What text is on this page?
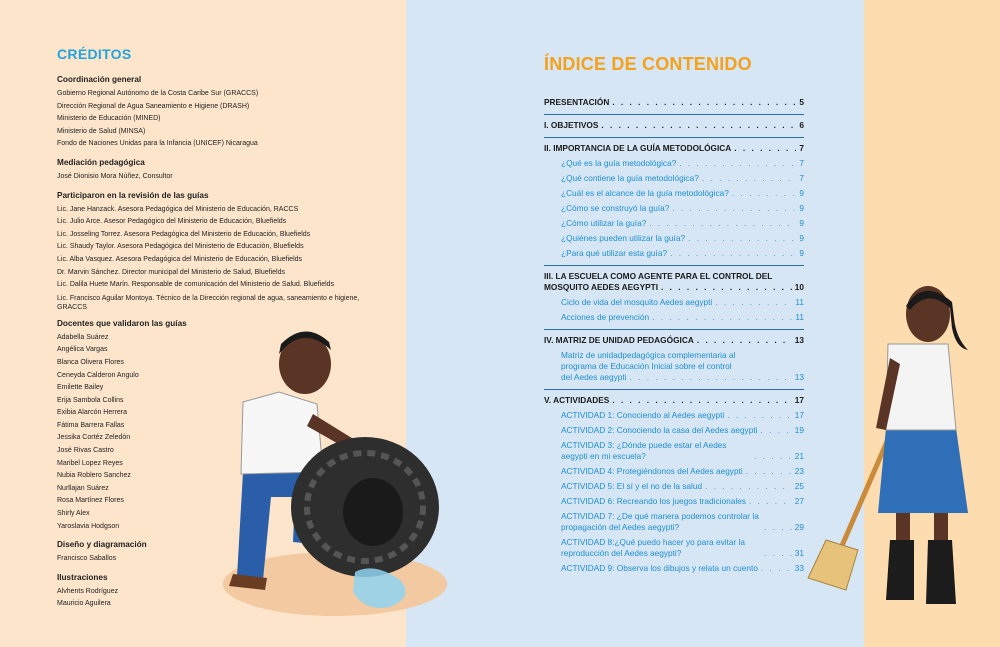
CRÉDITOS
Coordinación general
Gobierno Regional Autónomo de la Costa Caribe Sur (GRACCS)
Dirección Regional de Agua Saneamiento e Higiene (DRASH)
Ministerio de Educación (MINED)
Ministerio de Salud (MINSA)
Fondo de Naciones Unidas para la Infancia (UNICEF) Nicaragua
Mediación pedagógica
José Dionisio Mora Núñez, Consultor
Participaron en la revisión de las guías
Lic. Jane Hanzack. Asesora Pedagógica del Ministerio de Educación, RACCS
Lic. Julio Arce. Asesor Pedagógico del Ministerio de Educación, Bluefields
Lic. Josseling Torrez. Asesora Pedagógica del Ministerio de Educación, Bluefields
Lic. Shaudy Taylor. Asesora Pedagógica del Ministerio de Educación, Bluefields
Lic. Alba Vasquez. Asesora Pedagógica del Ministerio de Educación, Bluefields
Dr. Marvin Sánchez. Director municipal del Ministerio de Salud, Bluefields
Lic. Dalila Huete Marín. Responsable de comunicación del Ministerio de Salud. Bluefields
Lic. Francisco Aguilar Montoya. Técnico de la Dirección regional de agua, saneamiento e higiene, GRACCS
Docentes que validaron las guías
Adabella Suárez
Angélica Vargas
Blanca Olivera Flores
Ceneyda Calderon Angulo
Emilette Bailey
Erija Sambola Collins
Exibia Alarcón Herrera
Fátima Barrera Fallas
Jessika Cortéz Zeledón
José Rivas Castro
Maribel Lopez Reyes
Nubia Roblero Sanchez
Nurllajan Suárez
Rosa Martínez Flores
Shirly Alex
Yaroslavia Hodgson
Diseño y diagramación
Francisco Saballos
Ilustraciones
Alvhents Rodríguez
Mauricio Aguilera
ÍNDICE DE CONTENIDO
PRESENTACIÓN . . .	5
I. OBJETIVOS . . .	6
II. IMPORTANCIA DE LA GUÍA METODOLÓGICA . . .	7
¿Qué es la guía metodológica? . . .	7
¿Qué contiene la guía metodológica? . . .	7
¿Cuál es el alcance de la guía metodológica? . . .	9
¿Cómo se construyó la guía? . . .	9
¿Cómo utilizar la guía? . . .	9
¿Quiénes pueden utilizar la guía? . . .	9
¿Para qué utilizar esta guía? . . .	9
III. LA ESCUELA COMO AGENTE PARA EL CONTROL DEL
MOSQUITO AEDES AEGYPTI . . .	10
Ciclo de vida del mosquito Aedes aegypti . . .	11
Acciones de prevención . . .	11
IV. MATRIZ DE UNIDAD PEDAGÓGICA . . .	13
Matriz de unidadpedagógica complementaria al
programa de Educación Inicial sobre el control
del Aedes aegypti . . .	13
V. ACTIVIDADES . . .	17
ACTIVIDAD 1: Conociendo al Aedes aegypti . . .	17
ACTIVIDAD 2: Conociendo la casa del Aedes aegypti . . .	19
ACTIVIDAD 3: ¿Dónde puede estar el Aedes aegypti en mi escuela? . . .	21
ACTIVIDAD 4: Protegiéndonos del Aedes aegypti . . .	23
ACTIVIDAD 5: El sí y el no de la salud . . .	25
ACTIVIDAD 6: Recreando los juegos tradicionales . . .	27
ACTIVIDAD 7: ¿De qué manera podemos controlar la propagación del Aedes aegypti? . . .	29
ACTIVIDAD 8:¿Qué puedo hacer yo para evitar la reproducción del Aedes aegypti? . . .	31
ACTIVIDAD 9: Observa los dibujos y relata un cuento . . .	33
